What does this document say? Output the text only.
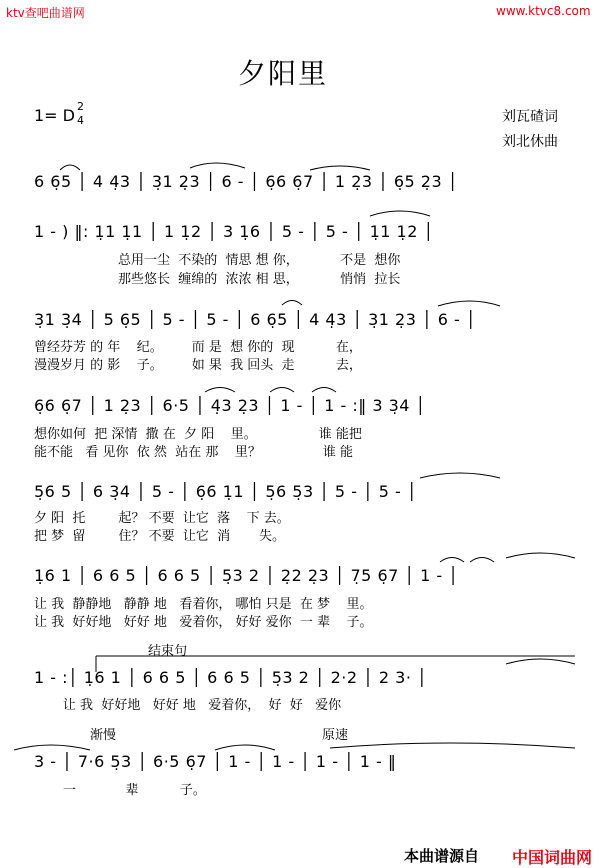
ktv查吧曲谱网	www.ktvc8.com
夕阳里
1= D 2
4	刘瓦碴词
刘北休曲
6 6̣5 │ 4 4̣3 │ 3̣1 2̣3 │ 6 - │ 6̣6 6̣7 │ 1 2̣3 │ 6̣5 2̣3 │
1 - ) ‖: 1̣1 1̣1 │ 1 1̣2 │ 3 1̣6 │ 5 - │ 5 - │ 1̣1 1̣2 │
总用一尘  不染的  情思 想 你，          不是  想你
那些悠长  缠绵的  浓浓 相 思，          悄悄  拉长
3̣1 3̣4 │ 5 6̣5 │ 5 - │ 5 - │ 6 6̣5 │ 4 4̣3 │ 3̣1 2̣3 │ 6 - │
曾经芬芳 的 年    纪。       而 是  想 你的  现          在，
漫漫岁月 的 影    子。       如 果  我 回头  走          去，
6̣6 6̣7 │ 1 2̣3 │ 6·5 │ 4̣3 2̣3 │ 1 - │ 1 - :‖ 3 3̣4 │
想你如何  把 深情  撒 在  夕 阳    里。               谁 能把
能不能   看 见你  依 然  站在 那    里？               谁 能
5̣6 5 │ 6 3̣4 │ 5 - │ 6̣6 1̣1 │ 5̣6 5̣3 │ 5 - │ 5 - │
夕 阳  托        起？ 不要  让它  落    下 去。
把 梦  留        住？ 不要  让它  消       失。
1̣6 1 │ 6 6 5 │ 6 6 5 │ 5̣3 2 │ 2̣2 2̣3 │ 7̣5 6̣7 │ 1 - │
让 我  静静地   静静 地   看着你， 哪怕 只是  在 梦    里。
让 我  好好地   好好 地   爱着你， 好好 爱你  一 辈    子。
结束句
1 - :│ 1̣6 1 │ 6 6 5 │ 6 6 5 │ 5̣3 2 │ 2·2 │ 2 3· │
让 我  好好地   好好 地   爱着你，  好  好   爱你
渐慢	原速
3 - │ 7·6 5̣3 │ 6·5 6̣7 │ 1 - │ 1 - │ 1 - │ 1 - ‖
一            辈          子。
本曲谱源自 中国词曲网
